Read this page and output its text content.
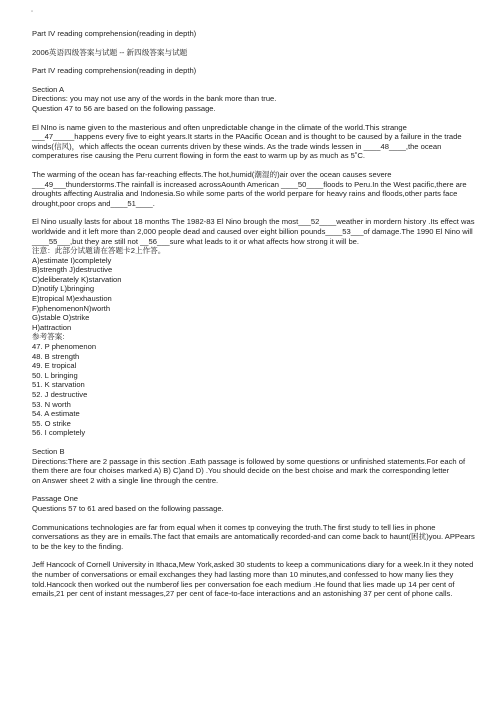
▫

Part IV reading comprehension(reading in depth)

2006英语四级答案与试题 -- 新四级答案与试题

Part IV reading comprehension(reading in depth)

Section A
Directions: you may not use any of the words in the bank more than true.

Question 47 to 56 are based on the following passage.

El NIno is name given to the masterious and often unpredictable change in the climate of the world.This strange ___47_____happens every five to eight years.It starts in the PAacific Ocean and is thought to be caused by a failure in the trade winds(信风)，which affects the ocean currents driven by these winds. As the trade winds lessen in ____48____,the ocean comperatures rise causing the Peru current flowing in form the east to warm up by as much as 5˚C.

The warming of the ocean has far-reaching effects.The hot,humid(潮湿的)air over the ocean causes severe ___49___thunderstorms.The rainfall is increased acrossAounth American ____50____floods to Peru.In the West pacific,there are droughts affecting Australia and Indonesia.So while some parts of the world perpare for heavy rains and floods,other parts face drought,poor crops and____51____.

El Nino usually lasts for about 18 months The 1982-83 El Nino brough the most___52____weather in mordern history .Its effect was worldwide and it left more than 2,000 people dead and caused over eight billion pounds____53___of damage.The 1990 El Nino will ____55___,but they are still not __56___sure what leads to it or what affects how strong it will be.
注意：此部分试题请在答题卡2上作答。
A)estimate I)completely
B)strength J)destructive
C)deliberately K)starvation
D)notify L)bringing
E)tropical M)exhaustion
F)phenomenonN)worth
G)stable O)strike
H)attraction
参考答案:
47. P phenomenon
48. B strength
49. E tropical
50. L bringing
51. K starvation
52. J destructive
53. N worth
54. A estimate
55. O strike
56. I completely
Section B
Directions:There are 2 passage in this section .Eath passage is followed by some questions or unfinished statements.For each of them there are four choises marked A) B) C)and D) .You should decide on the best choise and mark the corresponding letter

on Answer sheet 2 with a single line through the centre.

Passage One

Questions 57 to 61 ared based on the following passage.

Communications technologies are far from equal when it comes tp conveying the truth.The first study to tell lies in phone conversations as they are in emails.The fact that emails are antomatically recorded-and can come back to haunt(困扰)you. APPears to be the key to the finding.

Jeff Hancock of Cornell University in Ithaca,Mew York,asked 30 students to keep a communications diary for a week.In it they noted the number of conversations or email exchanges they had lasting more than 10 minutes,and confessed to how many lies they told.Hancock then worked out the numberof lies per conversation foe each medium .He found that lies made up 14 per cent of emails,21 per cent of instant messages,27 per cent of face-to-face interactions and an astonishing 37 per cent of phone calls.
